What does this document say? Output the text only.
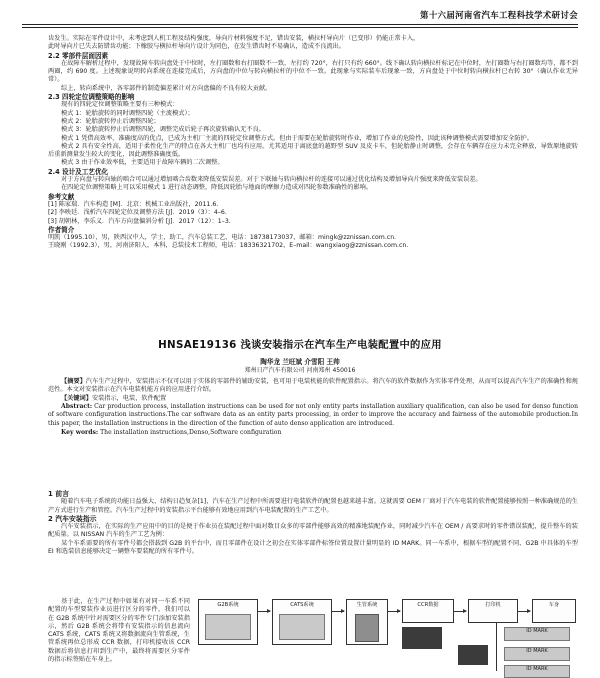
第十六届河南省汽车工程科技学术研讨会

齿发生。实际在零件设计中，未考虑到人机工程及结构强度，导向片材料强度不足，错齿安装，横拉杆导向片（已变形）仍能正常卡入，

此时导向片已失去防错齿功能；下橡胶与横拉杆导向片设计为同色，在发生错齿时不易确认，造成不良流出。

2.2 零部件层面因素

在故障车解析过程中，发现故障车转向盘处于中位时，左打圈数和右打圈数不一致，左打约 720°，右打只有约 660°。线下确认转向横拉杆标记在中位时，左打圈数与右打圈数均等，都不到两圈，约 690 度。上述现象说明转向系统在连接完成后，方向盘的中位与转向横拉杆的中位不一致。此现象与实际装车后现象一致，方向盘处于中位时转向横拉杆已右转 30°（确认作业无异常）。

综上，转向系统中，各零部件的制造偏差累计对方向盘偏的不良有较大贡献。

2.3 四轮定位调整策略的影响

现有的四轮定位调整策略主要有三种模式：

模式 1：轮胎旋转的同时调整四轮（主流模式）；

模式 2：轮胎旋转停止后调整四轮；

模式 3：轮胎旋转停止后调整四轮，调整完成后轮子再次旋转确认无不良。

模式 1 凭借高效率，准确度高的优点，已成为主机厂主流的四轮定位调整方式。但由于需要在轮胎旋转时作业，增加了作业的危险性，因此该种调整模式需要增加安全防护。

模式 2 具有安全性高，适用于柔性化生产的特点在各大主机厂也均有应用。尤其适用于离底盘的越野型 SUV 及皮卡车，但轮胎静止时调整，会存在车辆存在应力未完全释放，导致原地旋转后重新测量发生较大的变化，因此调整准确度低。

模式 3 由于作业效率低，主要适用于故障车辆的二次调整。

2.4 设计及工艺优化

对于方向盘与转向轴的啮合可以通过增加啮合齿数来降低安装误差。对于下联轴与转向横拉杆的连接可以通过优化结构及增加导向片强度来降低安装误差。

在四轮定位调整策略上可以采用模式 1 进行动态调整，降低因轮胎与地面的摩擦力造成对四轮参数准确性的影响。

参考文献

[1] 陈家瑞．汽车构造 [M]．北京：机械工业出版社，2011.6.

[2] 李映廷．浅析汽车四轮定位及调整方法 [J]．2019（3）：4–6.

[3] 胡朝林，李乐义．汽车方向盘偏斜分析 [J]．2017（12）：1–3.

作者简介

明凯（1995.10），男，陕西汉中人，学士，助工，汽车总装工艺，电话：18738173037，邮箱：mingk@zznissan.com.cn.

王晓刚（1992.3），男，河南济阳人，本科，总装技术工程师，电话：18336321702，E–mail：wangxiaog@zznissan.com.cn.

HNSAE19136 浅谈安装指示在汽车生产电装配置中的应用
陶华龙 兰旺斌 介雪阳 王帅
郑州日产汽车有限公司 河南郑州 450016

【摘要】汽车生产过程中，安装指示不仅可以用于实体的零部件的辅助安装，也可用于电装机能的软件配置指示。将汽车的软件数据作为实体零件处理，从而可以提高汽车生产的准确性和规范性。本文对安装指示在汽车电装机能方向的应用进行介绍。

【关键词】安装指示，电装，软件配置

Abstract: Car production process, installation instructions can be used for not only entity parts installation auxiliary qualification, can also be used for denso function of software configuration instructions.The car software data as an entity parts processing, in order to improve the accuracy and fairness of the automobile production.In this paper, the installation instructions in the direction of the function of auto denso application are introduced.

Key words: The installation instructions,Denso,Software configuration

1 前言

随着汽车电子系统的功能日益强大、结构日趋复杂[1]，汽车在生产过程中所需要进行电装软件的配置也越来越丰富。这就需要 OEM 厂商对于汽车电装的软件配置能够按照一种准确规范的生产方式进行生产和管控。汽车生产过程中的安装指示平台能够有效地应用到汽车电装配置的生产工艺中。

2 汽车安装指示

汽车安装指示，在实际的生产应用中的目的是便于作业员在装配过程中面对数目众多的零部件能够高效的精准地装配作业，同时减少汽车在 OEM / 高要求时的零件错误装配，提升整车的装配质量。以 NISSAN 汽车的生产工艺为例：

某个车系需要的所有零件号都会搭载到 G2B 的平台中，而且零部件在设计之初会在实体零部件标签位置设置计量明显的 ID MARK。同一车系中，根据车型的配置不同、G2B 中具体的车型 EI 和选装信息能够决定一辆整车要装配的所有零件号。

基于此，在生产过程中如果有对同一车系不同配置的车型要装作业员进行区分的零件，我们可以在 G2B 系统中针对需要区分的零件专门添加安装指示，然后 G2B 系统会将带有安装指示的信息流向 CATS 系统，CATS 系统又将数据流向生管系统，生管系统再位总形成 CCR 数据，打印机接收该 CCR 数据后将信息打印到生产中，最终将需要区分零件的指示标签贴在车身上。

G2B系统	CATS系统	生管系统	CCR数据	打印机	车身
ID MARK
ID MARK
ID MARK
